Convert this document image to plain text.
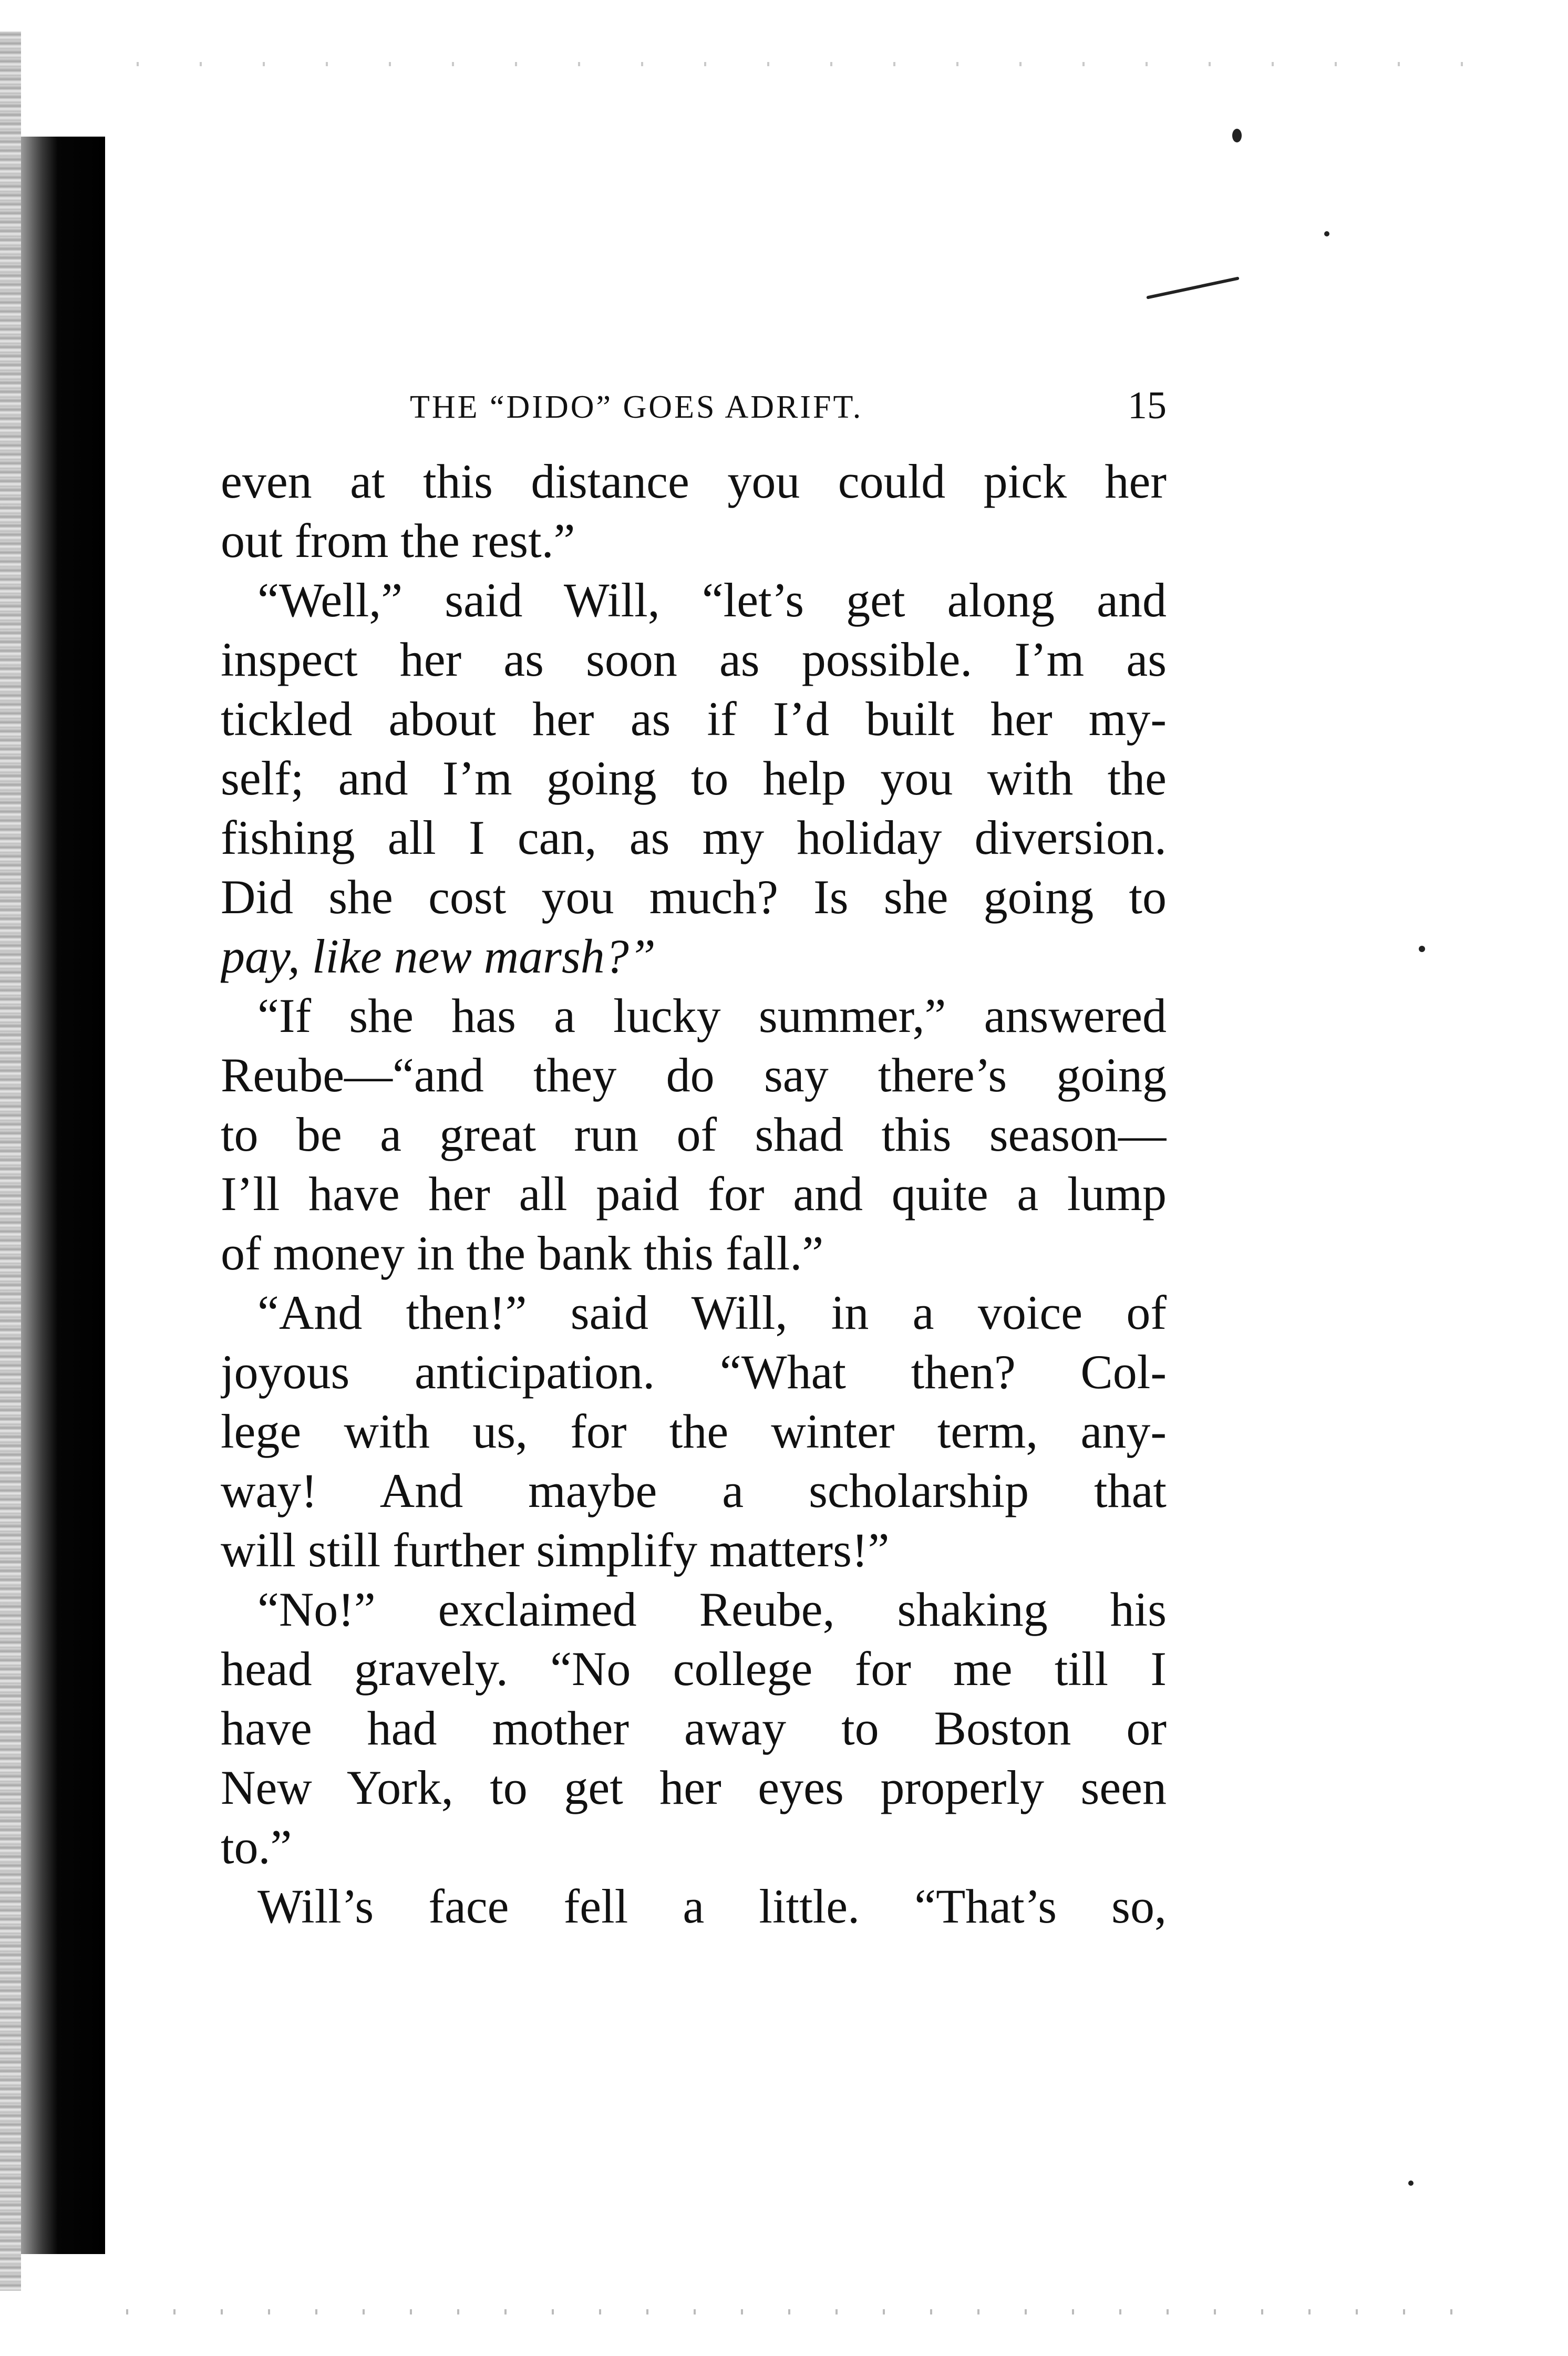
THE “DIDO” GOES ADRIFT.	15

even at this distance you could pick her
out from the rest.”

“Well,” said Will, “let’s get along and
inspect her as soon as possible. I’m as
tickled about her as if I’d built her my-
self; and I’m going to help you with the
fishing all I can, as my holiday diversion.
Did she cost you much? Is she going to
pay, like new marsh?”

“If she has a lucky summer,” answered
Reube—“and they do say there’s going
to be a great run of shad this season—
I’ll have her all paid for and quite a lump
of money in the bank this fall.”

“And then!” said Will, in a voice of
joyous anticipation. “What then? Col-
lege with us, for the winter term, any-
way! And maybe a scholarship that
will still further simplify matters!”

“No!” exclaimed Reube, shaking his
head gravely. “No college for me till I
have had mother away to Boston or
New York, to get her eyes properly seen
to.”

Will’s face fell a little. “That’s so,
